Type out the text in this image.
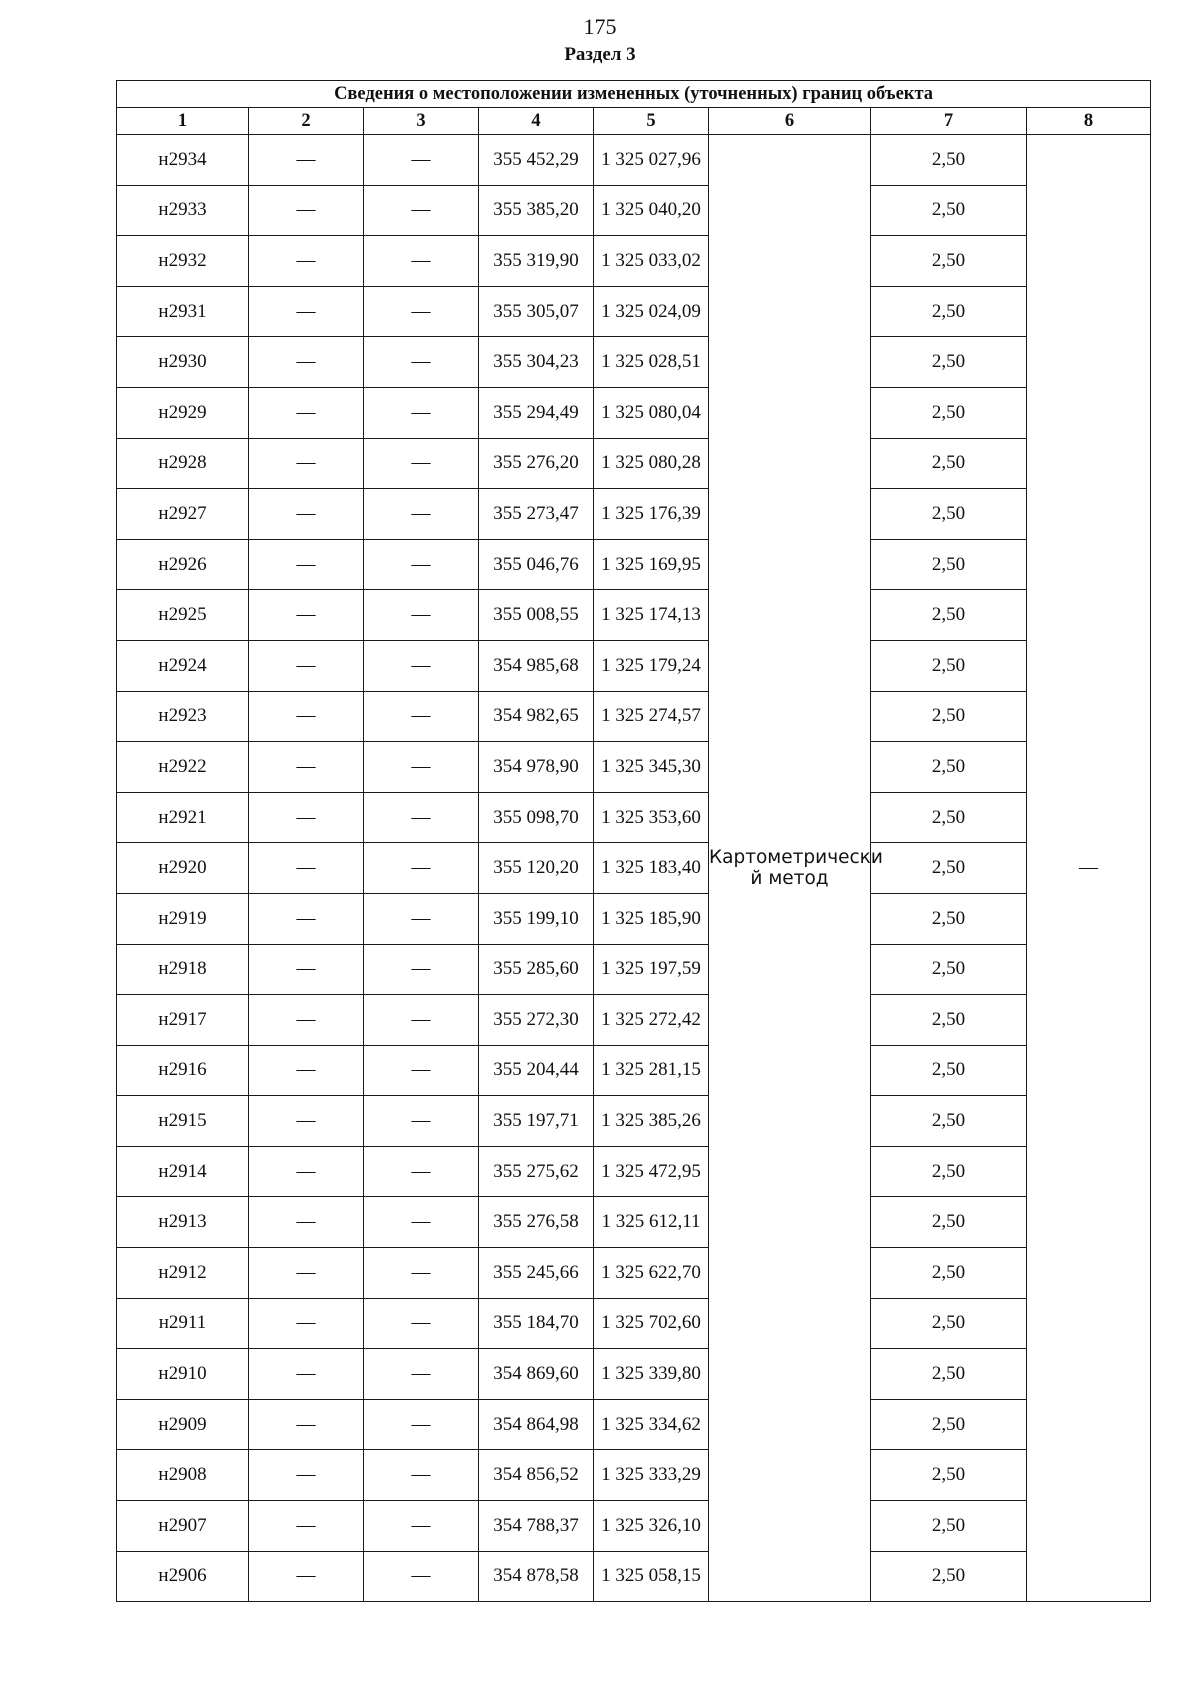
175
Раздел 3
Сведения о местоположении измененных (уточненных) границ объекта							
1	2	3	4	5	6	7	8
н2934	—	—	355 452,29	1 325 027,96	Картометрически й метод	2,50	—
н2933	—	—	355 385,20	1 325 040,20		2,50	
н2932	—	—	355 319,90	1 325 033,02		2,50	
н2931	—	—	355 305,07	1 325 024,09		2,50	
н2930	—	—	355 304,23	1 325 028,51		2,50	
н2929	—	—	355 294,49	1 325 080,04		2,50	
н2928	—	—	355 276,20	1 325 080,28		2,50	
н2927	—	—	355 273,47	1 325 176,39		2,50	
н2926	—	—	355 046,76	1 325 169,95		2,50	
н2925	—	—	355 008,55	1 325 174,13		2,50	
н2924	—	—	354 985,68	1 325 179,24		2,50	
н2923	—	—	354 982,65	1 325 274,57		2,50	
н2922	—	—	354 978,90	1 325 345,30		2,50	
н2921	—	—	355 098,70	1 325 353,60		2,50	
н2920	—	—	355 120,20	1 325 183,40		2,50	
н2919	—	—	355 199,10	1 325 185,90		2,50	
н2918	—	—	355 285,60	1 325 197,59		2,50	
н2917	—	—	355 272,30	1 325 272,42		2,50	
н2916	—	—	355 204,44	1 325 281,15		2,50	
н2915	—	—	355 197,71	1 325 385,26		2,50	
н2914	—	—	355 275,62	1 325 472,95		2,50	
н2913	—	—	355 276,58	1 325 612,11		2,50	
н2912	—	—	355 245,66	1 325 622,70		2,50	
н2911	—	—	355 184,70	1 325 702,60		2,50	
н2910	—	—	354 869,60	1 325 339,80		2,50	
н2909	—	—	354 864,98	1 325 334,62		2,50	
н2908	—	—	354 856,52	1 325 333,29		2,50	
н2907	—	—	354 788,37	1 325 326,10		2,50	
н2906	—	—	354 878,58	1 325 058,15		2,50	
